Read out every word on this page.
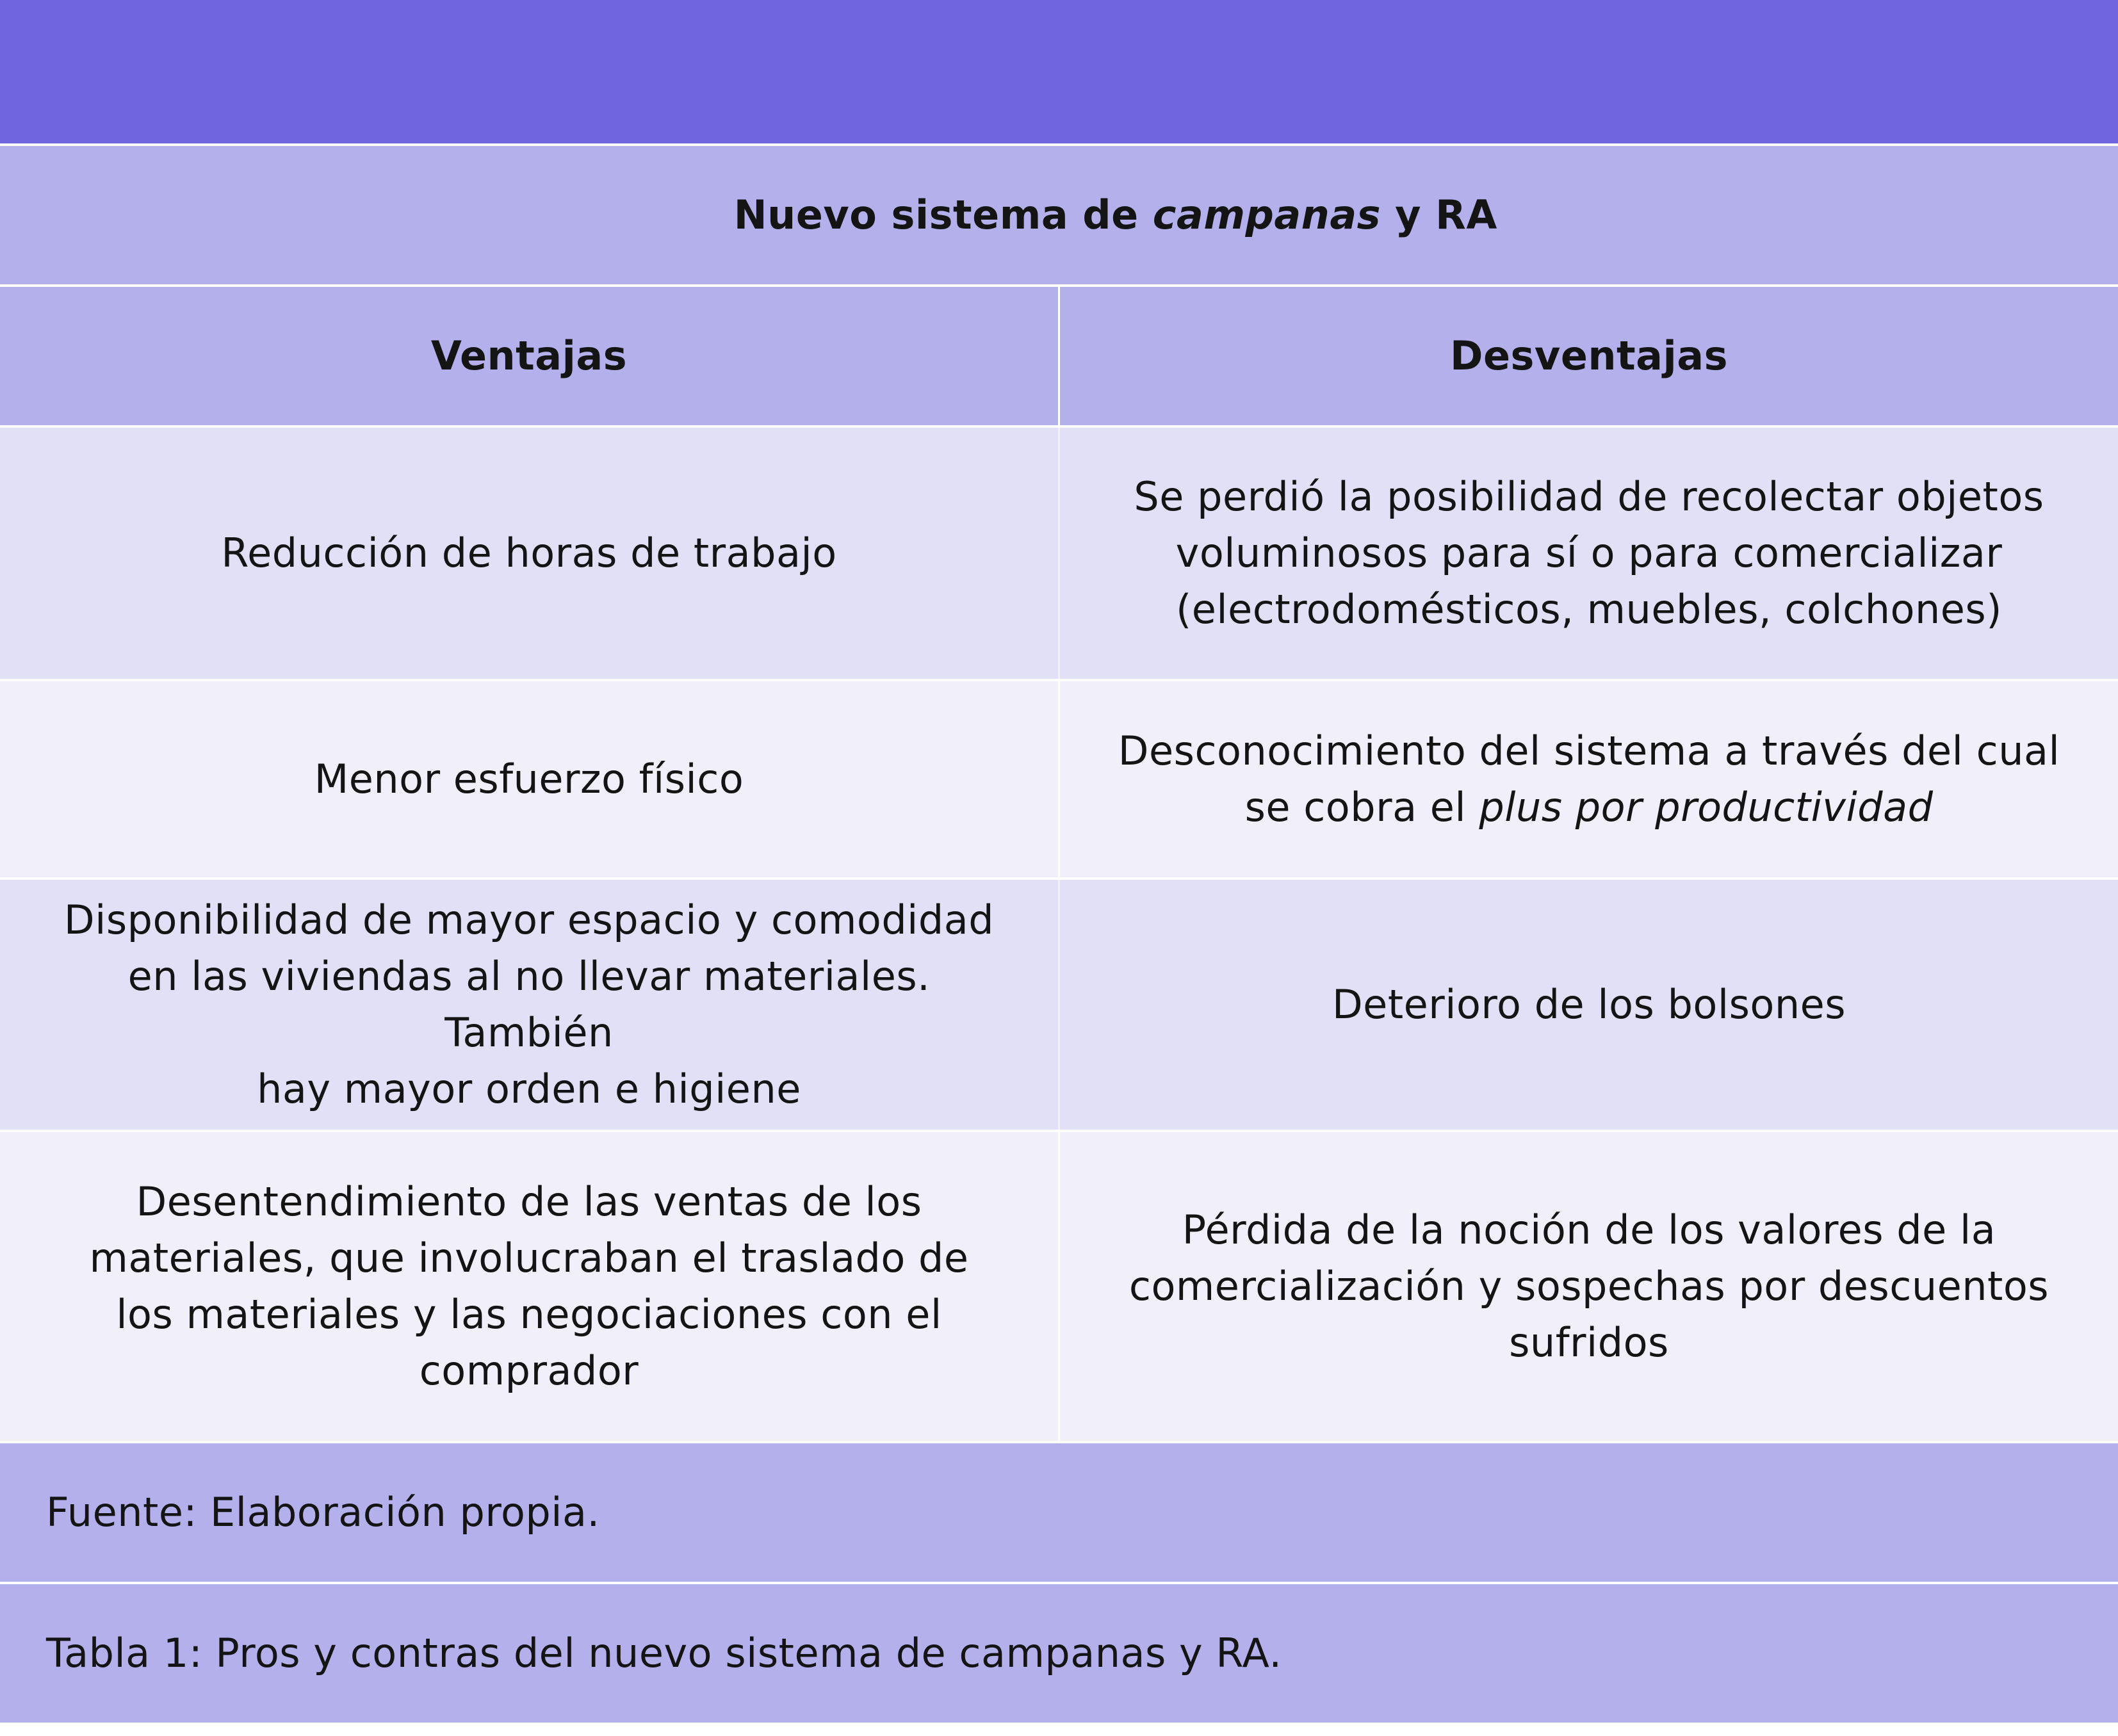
Nuevo sistema de campanas y RA

Ventajas	Desventajas
Reducción de horas de trabajo
Se perdió la posibilidad de recolectar objetos
voluminosos para sí o para comercializar
(electrodomésticos, muebles, colchones)
Menor esfuerzo físico
Desconocimiento del sistema a través del cual
se cobra el plus por productividad
Disponibilidad de mayor espacio y comodidad
en las viviendas al no llevar materiales. También
hay mayor orden e higiene
Deterioro de los bolsones
Desentendimiento de las ventas de los
materiales, que involucraban el traslado de
los materiales y las negociaciones con el
comprador
Pérdida de la noción de los valores de la
comercialización y sospechas por descuentos
sufridos
Fuente: Elaboración propia.
Tabla 1: Pros y contras del nuevo sistema de campanas y RA.
